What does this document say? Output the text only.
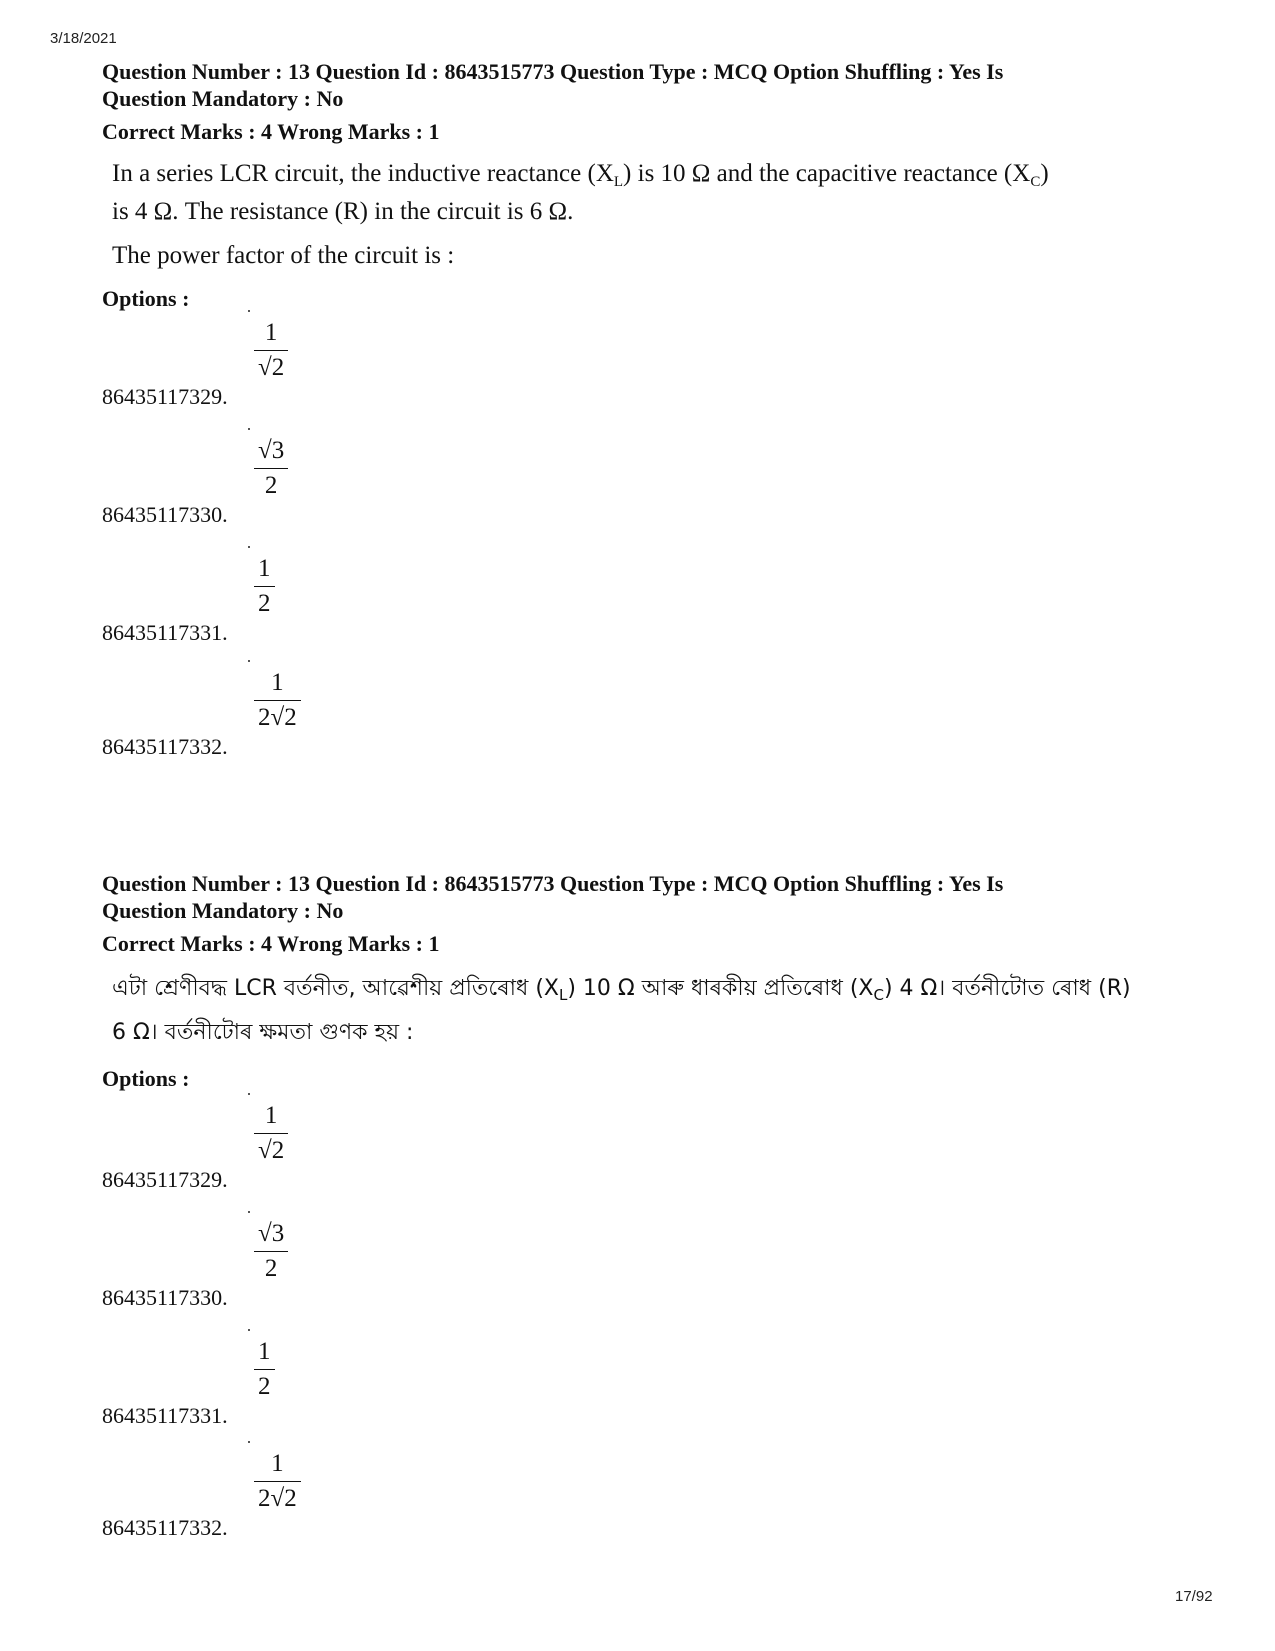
3/18/2021
Question Number : 13 Question Id : 8643515773 Question Type : MCQ Option Shuffling : Yes Is
Question Mandatory : No
Correct Marks : 4 Wrong Marks : 1

In a series LCR circuit, the inductive reactance $(X_L)$ is 10 Ω and the capacitive reactance $(X_C)$

is 4 Ω. The resistance (R) in the circuit is 6 Ω.

The power factor of the circuit is :

Options :
1
√2
86435117329.
√3
2
86435117330.
1
2
86435117331.
1
2√2
86435117332.
Question Number : 13 Question Id : 8643515773 Question Type : MCQ Option Shuffling : Yes Is
Question Mandatory : No
Correct Marks : 4 Wrong Marks : 1

এটা শ্ৰেণীবদ্ধ LCR বৰ্তনীত, আৱেশীয় প্ৰতিৰোধ $(X_L)$ 10 Ω আৰু ধাৰকীয় প্ৰতিৰোধ $(X_C)$ 4 Ω। বৰ্তনীটোত ৰোধ (R)

6 Ω। বৰ্তনীটোৰ ক্ষমতা গুণক হয় :

Options :
1
√2
86435117329.
√3
2
86435117330.
1
2
86435117331.
1
2√2
86435117332.
17/92
